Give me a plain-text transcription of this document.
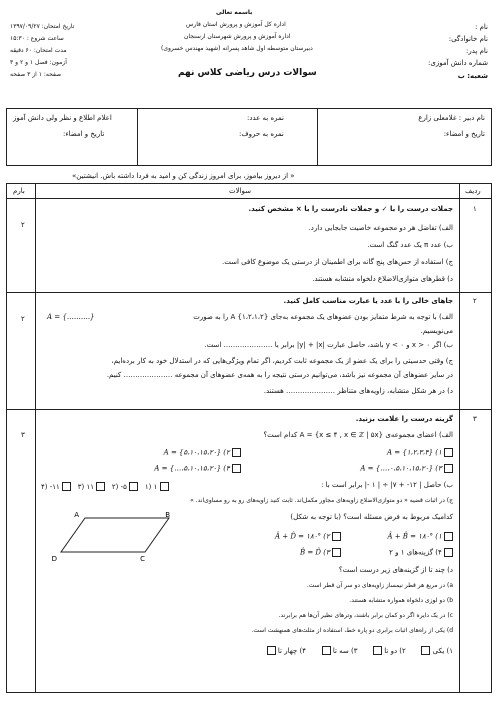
نام :
نام خانوادگی:
نام پدر:
شماره دانش آموزی:
شعبه: ب
باسمه تعالی
اداره کل آموزش و پرورش استان فارس
اداره آموزش و پرورش شهرستان ارسنجان
دبیرستان متوسطه اول شاهد پسرانه (شهید مهندس خسروی)
سوالات درس ریاضی کلاس نهم
تاریخ امتحان: ۱۳۹۷/۰۹/۲۷
ساعت شروع : ۱۵:۳۰
مدت امتحان: ۶۰ دقیقه
آزمون: فصل ۱ و ۲ و ۳
صفحه: ۱ از ۳ صفحه
اعلام اطلاع و نظر ولی دانش آموز
تاریخ و امضاء:
نمره به عدد:
نمره به حروف:
نام دبیر : غلامعلی زارع
تاریخ و امضاء:
« از دیروز بیاموز، برای امروز زندگی کن و امید به فردا داشته باش. انیشتین»
ردیف
سوالات
بارم
۱
۲
جملات درست را با ✓ و جملات نادرست را با × مشخص کنید.
الف) تفاضل هر دو مجموعه خاصیت جابجایی دارد.
ب) عدد π یک عدد گنگ است.
ج) استفاده از حس‌های پنج گانه برای اطمینان از درستی یک موضوع کافی است.
د) قطرهای متوازی‌الاضلاع دلخواه متشابه هستند.
۲
۲
جاهای خالی را با عدد یا عبارت مناسب کامل کنید.
الف) با توجه به شرط متمایز بودن عضوهای یک مجموعه به‌جای {۱،۲،۱،۲} A را به صورت
A = {……….}
می‌نویسیم.
ب) اگر x > ۰ و y < ۰ باشد، حاصل عبارت |y| + |x| برابر با ………………… است.
ج) وقتی حدسیتی را برای یک عضو از یک مجموعه ثابت کردیم، اگر تمام ویژگی‌هایی که در استدلال خود به کار برده‌ایم،
در سایر عضوهای آن مجموعه نیز باشد، می‌توانیم درستی نتیجه را به همه‌ی عضوهای آن مجموعه ………………… کنیم.
د) در هر شکل متشابه، زاویه‌های متناظر ………………… هستند.
۳
۳
گزینه درست را علامت بزنید.
الف) اعضای مجموعه‌ی {x ≤ ۴ , x ∈ ℤ | ۵x} = A کدام است؟
A = {۱،۲،۳،۴} (۱
A = {۵،۱۰،۱۵،۲۰} (۲
A = {…،۰،۵،۱۰،۱۵،۲۰} (۳
A = {…،۵،۱۰،۱۵،۲۰} (۴
ب) حاصل | ۱۲- + ۷| ÷ | ۱ -| برابر است با :
۱ (۱    ۵- (۲    ۱۱ (۳    ۱۱- (۴
ج) در اثبات قضیه « دو متوازی‌الاضلاع زاویه‌های مجاور مکمل‌اند. ثابت کنید زاویه‌های رو به رو مساوی‌اند. »
کدامیک مربوط به فرض مسئله است؟ (با توجه به شکل)
A	B
C
D
Â + B̂ = ۱۸۰° (۱
Â + D̂ = ۱۸۰° (۲
۴) گزینه‌های ۱ و ۲
B̂ = D̂ (۳
د) چند تا از گزینه‌های زیر درست است؟
a) در مربع هر قطر نیمساز زاویه‌های دو سر آن قطر است.
b) دو لوزی دلخواه همواره متشابه هستند.
c) در یک دایره اگر دو کمان برابر باشند، وترهای نظیر آن‌ها هم برابرند.
d) یکی از راه‌های اثبات برابری دو پاره خط، استفاده از مثلث‌های همنهشت است.
۱) یکی        ۲) دو تا        ۳) سه تا        ۴) چهار تا
